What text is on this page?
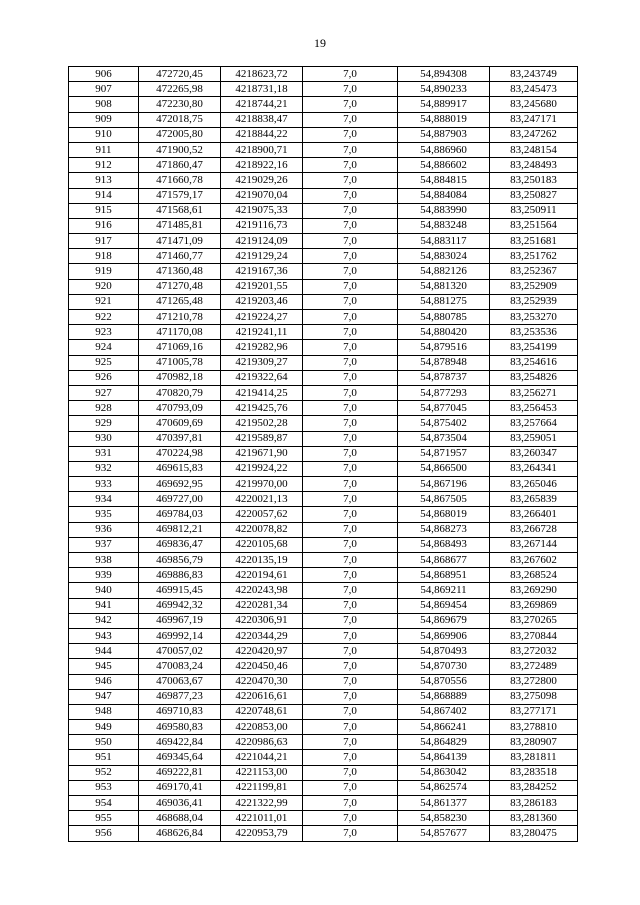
19
906	472720,45	4218623,72	7,0	54,894308	83,243749
907	472265,98	4218731,18	7,0	54,890233	83,245473
908	472230,80	4218744,21	7,0	54,889917	83,245680
909	472018,75	4218838,47	7,0	54,888019	83,247171
910	472005,80	4218844,22	7,0	54,887903	83,247262
911	471900,52	4218900,71	7,0	54,886960	83,248154
912	471860,47	4218922,16	7,0	54,886602	83,248493
913	471660,78	4219029,26	7,0	54,884815	83,250183
914	471579,17	4219070,04	7,0	54,884084	83,250827
915	471568,61	4219075,33	7,0	54,883990	83,250911
916	471485,81	4219116,73	7,0	54,883248	83,251564
917	471471,09	4219124,09	7,0	54,883117	83,251681
918	471460,77	4219129,24	7,0	54,883024	83,251762
919	471360,48	4219167,36	7,0	54,882126	83,252367
920	471270,48	4219201,55	7,0	54,881320	83,252909
921	471265,48	4219203,46	7,0	54,881275	83,252939
922	471210,78	4219224,27	7,0	54,880785	83,253270
923	471170,08	4219241,11	7,0	54,880420	83,253536
924	471069,16	4219282,96	7,0	54,879516	83,254199
925	471005,78	4219309,27	7,0	54,878948	83,254616
926	470982,18	4219322,64	7,0	54,878737	83,254826
927	470820,79	4219414,25	7,0	54,877293	83,256271
928	470793,09	4219425,76	7,0	54,877045	83,256453
929	470609,69	4219502,28	7,0	54,875402	83,257664
930	470397,81	4219589,87	7,0	54,873504	83,259051
931	470224,98	4219671,90	7,0	54,871957	83,260347
932	469615,83	4219924,22	7,0	54,866500	83,264341
933	469692,95	4219970,00	7,0	54,867196	83,265046
934	469727,00	4220021,13	7,0	54,867505	83,265839
935	469784,03	4220057,62	7,0	54,868019	83,266401
936	469812,21	4220078,82	7,0	54,868273	83,266728
937	469836,47	4220105,68	7,0	54,868493	83,267144
938	469856,79	4220135,19	7,0	54,868677	83,267602
939	469886,83	4220194,61	7,0	54,868951	83,268524
940	469915,45	4220243,98	7,0	54,869211	83,269290
941	469942,32	4220281,34	7,0	54,869454	83,269869
942	469967,19	4220306,91	7,0	54,869679	83,270265
943	469992,14	4220344,29	7,0	54,869906	83,270844
944	470057,02	4220420,97	7,0	54,870493	83,272032
945	470083,24	4220450,46	7,0	54,870730	83,272489
946	470063,67	4220470,30	7,0	54,870556	83,272800
947	469877,23	4220616,61	7,0	54,868889	83,275098
948	469710,83	4220748,61	7,0	54,867402	83,277171
949	469580,83	4220853,00	7,0	54,866241	83,278810
950	469422,84	4220986,63	7,0	54,864829	83,280907
951	469345,64	4221044,21	7,0	54,864139	83,281811
952	469222,81	4221153,00	7,0	54,863042	83,283518
953	469170,41	4221199,81	7,0	54,862574	83,284252
954	469036,41	4221322,99	7,0	54,861377	83,286183
955	468688,04	4221011,01	7,0	54,858230	83,281360
956	468626,84	4220953,79	7,0	54,857677	83,280475
